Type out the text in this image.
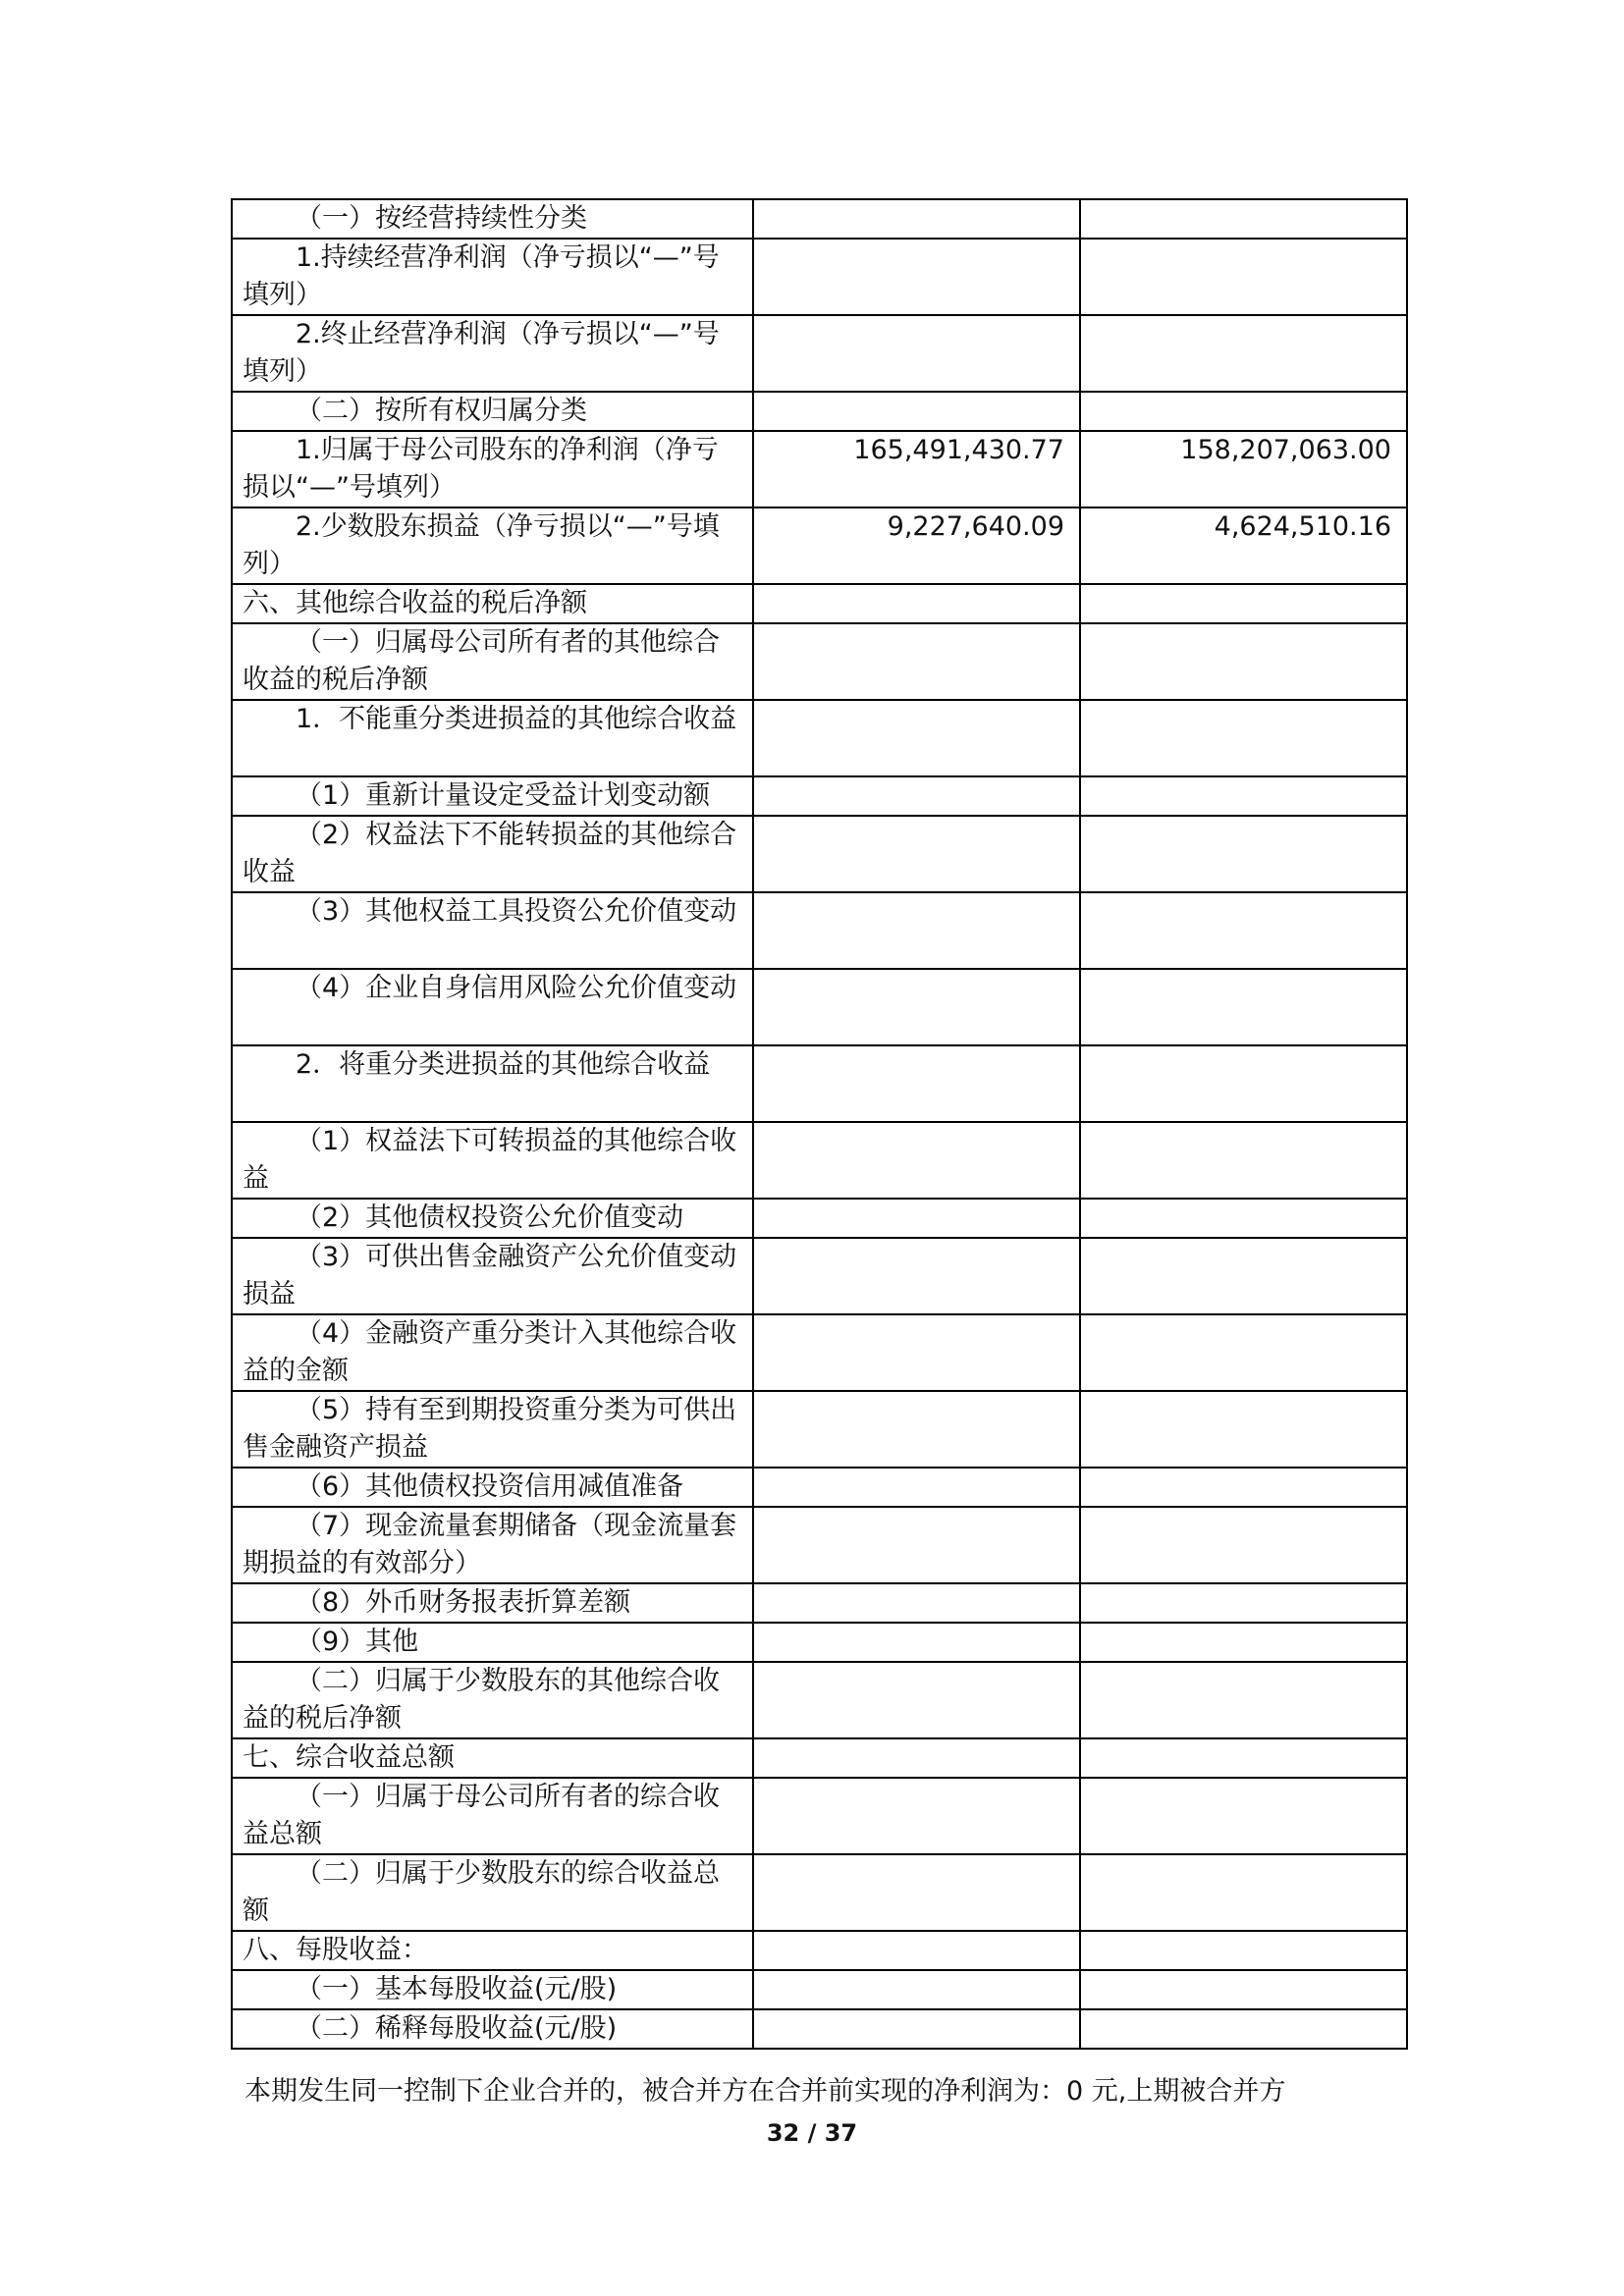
（一）按经营持续性分类		

1.持续经营净利润（净亏损以“—”号填列）		

2.终止经营净利润（净亏损以“—”号填列）		

（二）按所有权归属分类		

1.归属于母公司股东的净利润（净亏损以“—”号填列）	165,491,430.77	158,207,063.00

2.少数股东损益（净亏损以“—”号填列）	9,227,640.09	4,624,510.16

六、其他综合收益的税后净额		

（一）归属母公司所有者的其他综合收益的税后净额		

1．不能重分类进损益的其他综合收益		

（1）重新计量设定受益计划变动额		

（2）权益法下不能转损益的其他综合收益		

（3）其他权益工具投资公允价值变动		

（4）企业自身信用风险公允价值变动		

2．将重分类进损益的其他综合收益		

（1）权益法下可转损益的其他综合收益		

（2）其他债权投资公允价值变动		

（3）可供出售金融资产公允价值变动损益		

（4）金融资产重分类计入其他综合收益的金额		

（5）持有至到期投资重分类为可供出售金融资产损益		

（6）其他债权投资信用减值准备		

（7）现金流量套期储备（现金流量套期损益的有效部分）		

（8）外币财务报表折算差额		

（9）其他		

（二）归属于少数股东的其他综合收益的税后净额		

七、综合收益总额		

（一）归属于母公司所有者的综合收益总额		

（二）归属于少数股东的综合收益总额		

八、每股收益：		

（一）基本每股收益(元/股)		

（二）稀释每股收益(元/股)		

本期发生同一控制下企业合并的，被合并方在合并前实现的净利润为：0 元,上期被合并方
32 / 37
